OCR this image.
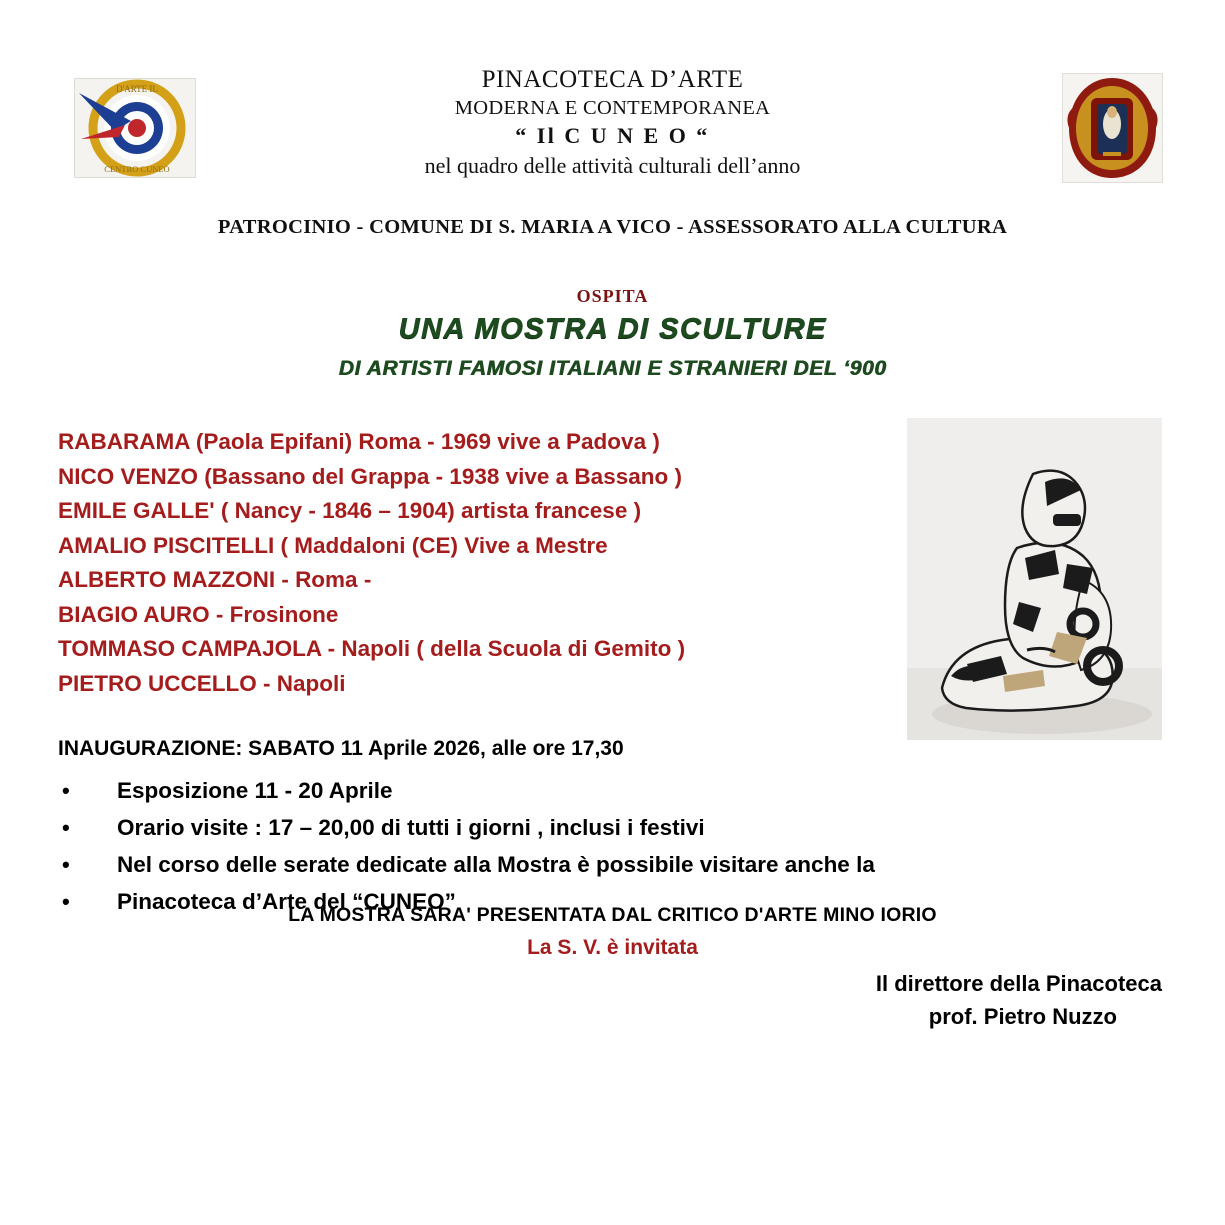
D'ARTE IL
CENTRO CUNEO
PINACOTECA D’ARTE
MODERNA E CONTEMPORANEA
“ Il C U N E O “
nel quadro delle attività culturali dell’anno
PATROCINIO - COMUNE DI S. MARIA A VICO - ASSESSORATO ALLA CULTURA
OSPITA
UNA MOSTRA DI SCULTURE
DI ARTISTI FAMOSI ITALIANI E STRANIERI DEL ‘900
RABARAMA (Paola Epifani) Roma - 1969 vive a Padova )
NICO VENZO (Bassano del Grappa - 1938 vive a Bassano )
EMILE GALLEʹ ( Nancy - 1846 – 1904) artista francese )
AMALIO PISCITELLI ( Maddaloni (CE) Vive a Mestre
ALBERTO MAZZONI - Roma -
BIAGIO AURO - Frosinone
TOMMASO CAMPAJOLA - Napoli ( della Scuola di Gemito )
PIETRO UCCELLO - Napoli
INAUGURAZIONE: SABATO 11 Aprile 2026, alle ore 17,30
• Esposizione 11 - 20 Aprile
• Orario visite : 17 – 20,00 di tutti i giorni , inclusi i festivi
• Nel corso delle serate dedicate alla Mostra è possibile visitare anche la
• Pinacoteca d’Arte del “CUNEO”
LA MOSTRA SARAʹ PRESENTATA DAL CRITICO DʹARTE MINO IORIO
La S. V. è invitata
Il direttore della Pinacoteca
prof. Pietro Nuzzo
